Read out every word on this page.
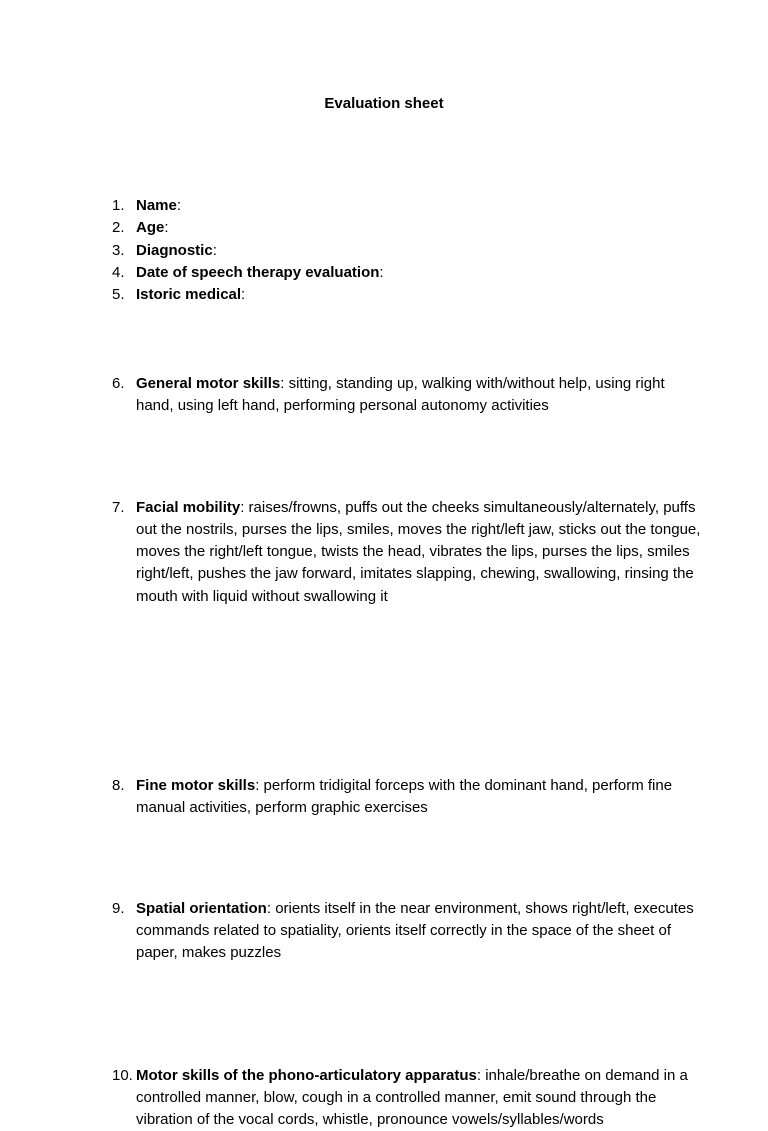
Evaluation sheet
1. Name:
2. Age:
3. Diagnostic:
4. Date of speech therapy evaluation:
5. Istoric medical:
6. General motor skills: sitting, standing up, walking with/without help, using right hand, using left hand, performing personal autonomy activities
7. Facial mobility: raises/frowns, puffs out the cheeks simultaneously/alternately, puffs out the nostrils, purses the lips, smiles, moves the right/left jaw, sticks out the tongue, moves the right/left tongue, twists the head, vibrates the lips, purses the lips, smiles right/left, pushes the jaw forward, imitates slapping, chewing, swallowing, rinsing the mouth with liquid without swallowing it
8. Fine motor skills: perform tridigital forceps with the dominant hand, perform fine manual activities, perform graphic exercises
9. Spatial orientation: orients itself in the near environment, shows right/left, executes commands related to spatiality, orients itself correctly in the space of the sheet of paper, makes puzzles
10. Motor skills of the phono-articulatory apparatus: inhale/breathe on demand in a controlled manner, blow, cough in a controlled manner, emit sound through the vibration of the vocal cords, whistle, pronounce vowels/syllables/words
